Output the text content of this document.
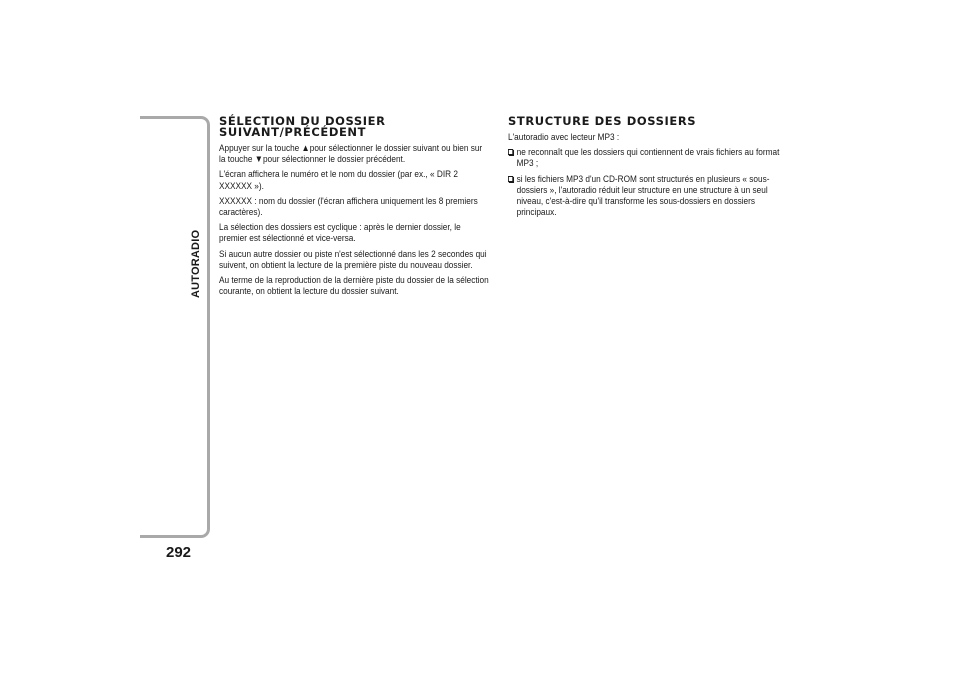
AUTORADIO
292
SÉLECTION DU DOSSIER
SUIVANT/PRÉCÉDENT

Appuyer sur la touche ▲pour sélectionner le dossier suivant ou bien sur la touche ▼pour sélectionner le dossier précédent.

L'écran affichera le numéro et le nom du dossier (par ex., « DIR 2 XXXXXX »).

XXXXXX : nom du dossier (l'écran affichera uniquement les 8 premiers caractères).

La sélection des dossiers est cyclique : après le dernier dossier, le premier est sélectionné et vice-versa.

Si aucun autre dossier ou piste n'est sélectionné dans les 2 secondes qui suivent, on obtient la lecture de la première piste du nouveau dossier.

Au terme de la reproduction de la dernière piste du dossier de la sélection courante, on obtient la lecture du dossier suivant.

STRUCTURE DES DOSSIERS

L'autoradio avec lecteur MP3 :

ne reconnaît que les dossiers qui contiennent de vrais fichiers au format MP3 ;
si les fichiers MP3 d'un CD-ROM sont structurés en plusieurs « sous-dossiers », l'autoradio réduit leur structure en une structure à un seul niveau, c'est-à-dire qu'il transforme les sous-dossiers en dossiers principaux.
